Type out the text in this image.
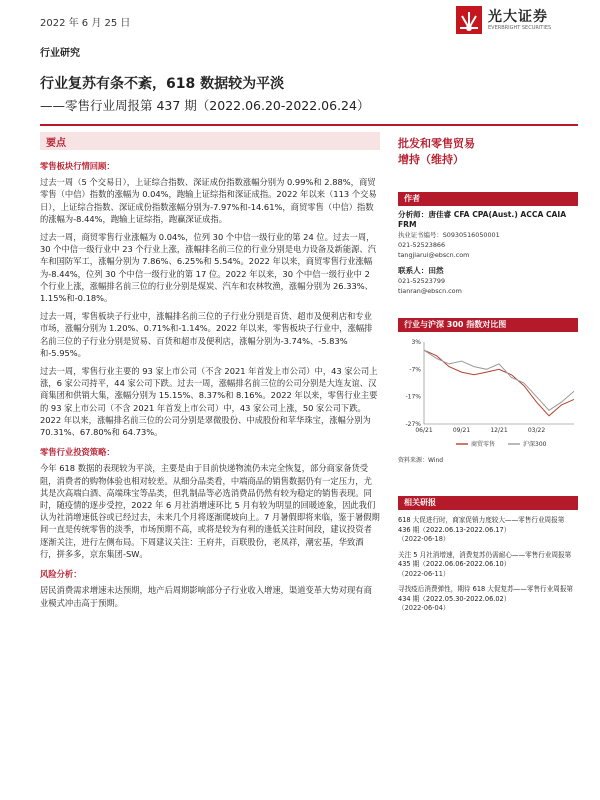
2022 年 6 月 25 日	光大证券
EVERBRIGHT SECURITIES
行业研究
行业复苏有条不紊，618 数据较为平淡
——零售行业周报第 437 期（2022.06.20-2022.06.24）
要点

零售板块行情回顾：

过去一周（5 个交易日），上证综合指数、深证成份指数涨幅分别为 0.99%和 2.88%，商贸零售（中信）指数的涨幅为 0.04%，跑输上证综指和深证成指。2022 年以来（113 个交易日），上证综合指数、深证成份指数涨幅分别为-7.97%和-14.61%，商贸零售（中信）指数的涨幅为-8.44%，跑输上证综指，跑赢深证成指。

过去一周，商贸零售行业涨幅为 0.04%，位列 30 个中信一级行业的第 24 位。过去一周，30 个中信一级行业中 23 个行业上涨，涨幅排名前三位的行业分别是电力设备及新能源、汽车和国防军工，涨幅分别为 7.86%、6.25%和 5.54%。2022 年以来，商贸零售行业涨幅为-8.44%，位列 30 个中信一级行业的第 17 位。2022 年以来，30 个中信一级行业中 2 个行业上涨，涨幅排名前三位的行业分别是煤炭、汽车和农林牧渔，涨幅分别为 26.33%、1.15%和-0.18%。

过去一周，零售板块子行业中，涨幅排名前三位的子行业分别是百货、超市及便利店和专业市场，涨幅分别为 1.20%、0.71%和-1.14%。2022 年以来，零售板块子行业中，涨幅排名前三位的子行业分别是贸易、百货和超市及便利店，涨幅分别为-3.74%、-5.83%和-5.95%。

过去一周，零售行业主要的 93 家上市公司（不含 2021 年首发上市公司）中，43 家公司上涨，6 家公司持平，44 家公司下跌。过去一周，涨幅排名前三位的公司分别是大连友谊、汉商集团和供销大集，涨幅分别为 15.15%、8.37%和 8.16%。2022 年以来，零售行业主要的 93 家上市公司（不含 2021 年首发上市公司）中，43 家公司上涨，50 家公司下跌。2022 年以来，涨幅排名前三位的公司分别是翠微股份、中成股份和苹华珠宝，涨幅分别为 70.31%、67.80%和 64.73%。

零售行业投资策略：

今年 618 数据的表现较为平淡，主要是由于目前快递物流仍未完全恢复，部分商家备货受阻，消费者的购物体验也相对较差。从细分品类看，中端商品的销售数据仍有一定压力，尤其是次高端白酒、高端珠宝等品类，但乳制品等必选消费品仍然有较为稳定的销售表现。同时，随疫情的逐步受控，2022 年 6 月社消增速环比 5 月有较为明显的回暖迹象，因此我们认为社消增速低谷或已经过去，未来几个月将逐渐爬坡向上。7 月暑假即将来临，鉴于暑假期间一直是传统零售的淡季，市场预期不高，或将是较为有利的逢低关注时间段，建议投资者逐渐关注，进行左侧布局。下周建议关注：王府井，百联股份，老凤祥，潮宏基，华致酒行，拼多多，京东集团-SW。

风险分析：

居民消费需求增速未达预期，地产后周期影响部分子行业收入增速，渠道变革大势对现有商业模式冲击高于预期。

批发和零售贸易
增持（维持）
作者
分析师：唐佳睿 CFA CPA(Aust.) ACCA CAIA FRM
执业证书编号：S0930516050001
021-52523866
tangjiarui@ebscn.com
联系人：田然
021-52523799
tianran@ebscn.com
行业与沪深 300 指数对比图
3%
-7%
-17%
-27%
06/21	09/21	12/21	03/22
商贸零售	沪深300
资料来源：Wind
相关研报
618 大促进行时，商家促销力度较大——零售行业周报第 436 期（2022.06.13-2022.06.17）
（2022-06-18）
关注 5 月社消增速，消费复苏仍需耐心——零售行业周报第 435 期（2022.06.06-2022.06.10）
（2022-06-11）
寻找疫后消费弹性，期待 618 大促复苏——零售行业周报第 434 期（2022.05.30-2022.06.02）
（2022-06-04）
